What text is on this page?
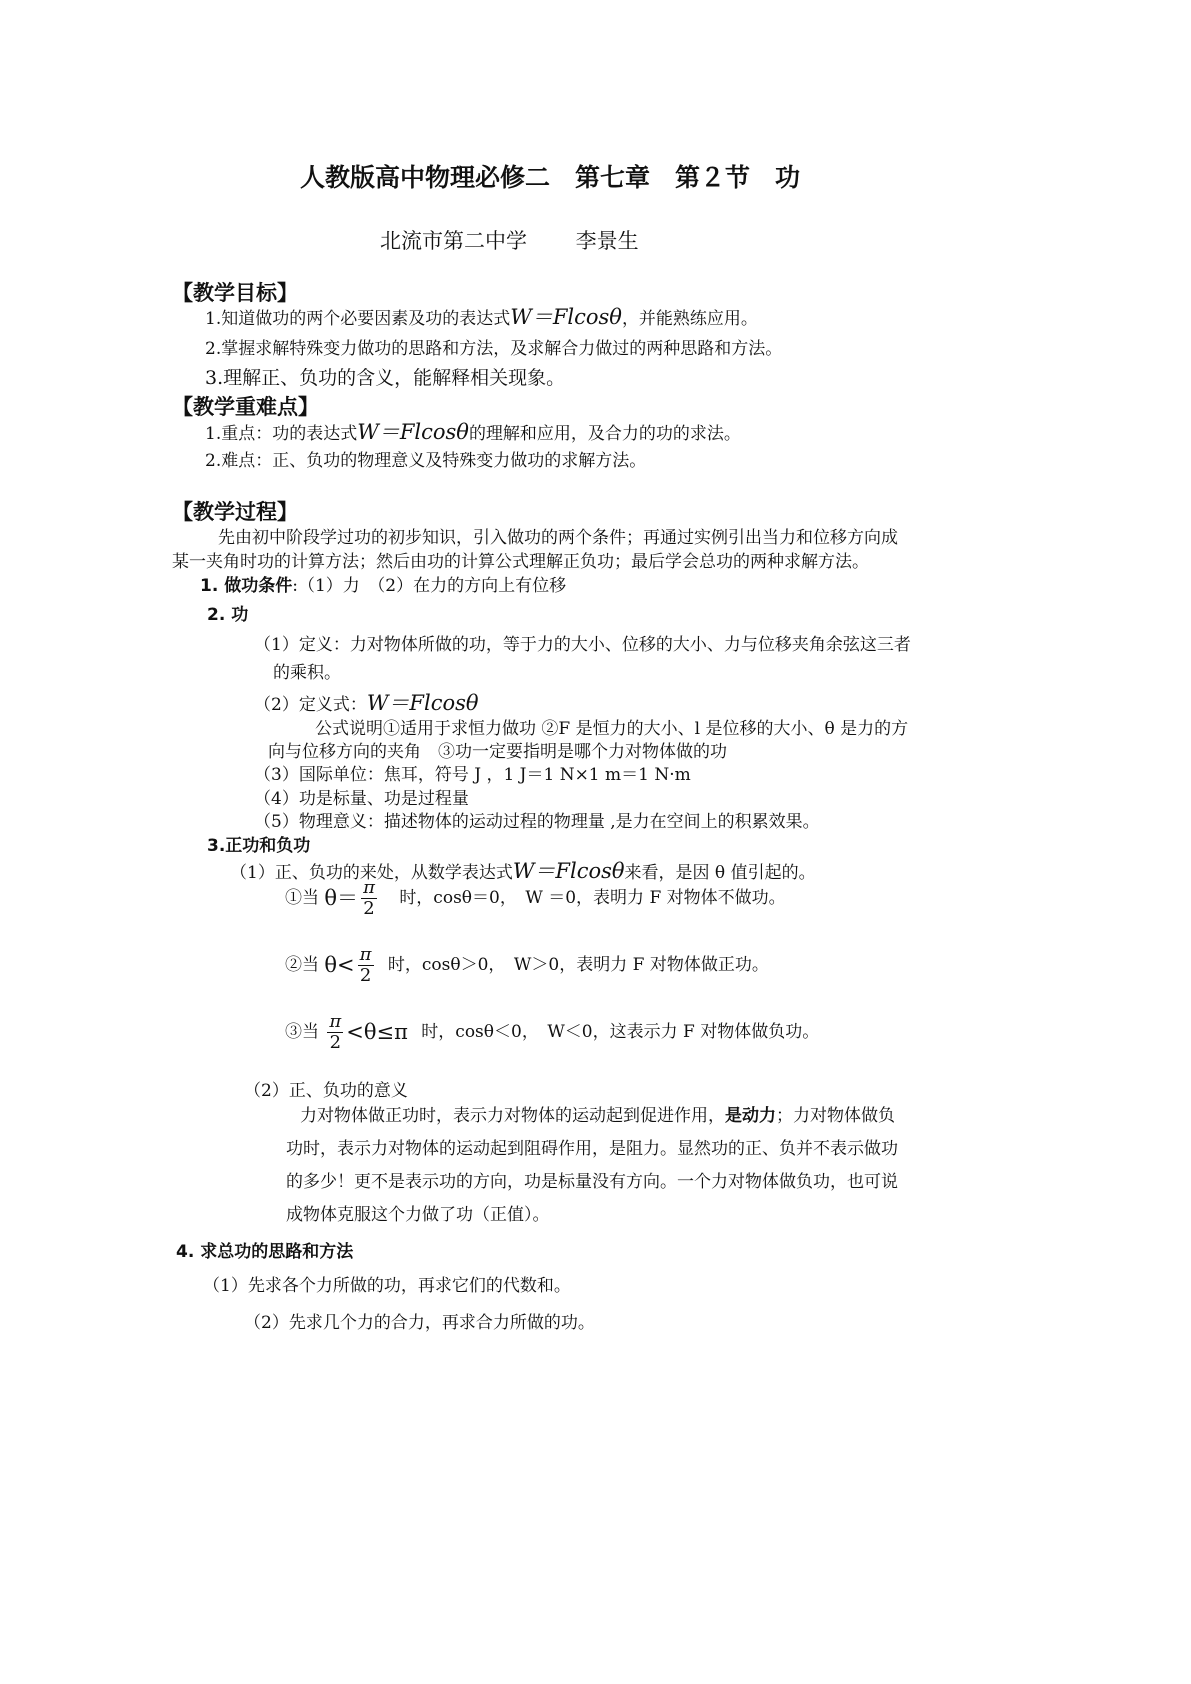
人教版高中物理必修二　第七章　第２节　功
北流市第二中学　　 李景生
【教学目标】
1.知道做功的两个必要因素及功的表达式W＝Flcosθ，并能熟练应用。
2.掌握求解特殊变力做功的思路和方法，及求解合力做过的两种思路和方法。
3.理解正、负功的含义，能解释相关现象。
【教学重难点】
1.重点：功的表达式W＝Flcosθ的理解和应用，及合力的功的求法。
2.难点：正、负功的物理意义及特殊变力做功的求解方法。
【教学过程】
先由初中阶段学过功的初步知识，引入做功的两个条件；再通过实例引出当力和位移方向成
某一夹角时功的计算方法；然后由功的计算公式理解正负功；最后学会总功的两种求解方法。
1. 做功条件:（1）力　（2）在力的方向上有位移
2. 功
（1）定义：力对物体所做的功，等于力的大小、位移的大小、力与位移夹角余弦这三者
的乘积。
（2）定义式：W＝Flcosθ
公式说明①适用于求恒力做功 ②F 是恒力的大小、l 是位移的大小、θ 是力的方
向与位移方向的夹角　③功一定要指明是哪个力对物体做的功
（3）国际单位：焦耳，符号 J ，1 J＝1 N×1 m＝1 N·m
（4）功是标量、功是过程量
（5）物理意义：描述物体的运动过程的物理量 ,是力在空间上的积累效果。
3.正功和负功
（1）正、负功的来处，从数学表达式W＝Flcosθ来看，是因 θ 值引起的。
①当 $\theta= \frac{\pi}{2}$ 时，cosθ＝0，　W ＝0，表明力 F 对物体不做功。
②当 $\theta< \frac{\pi}{2}$ 时，cosθ＞0，　W＞0，表明力 F 对物体做正功。
③当 $\frac{\pi}{2} <\theta\le\pi$ 时，cosθ＜0，　W＜0，这表示力 F 对物体做负功。
（2）正、负功的意义
力对物体做正功时，表示力对物体的运动起到促进作用，是动力；力对物体做负
功时，表示力对物体的运动起到阻碍作用，是阻力。显然功的正、负并不表示做功
的多少！更不是表示功的方向，功是标量没有方向。一个力对物体做负功，也可说
成物体克服这个力做了功（正值）。
4. 求总功的思路和方法
（1）先求各个力所做的功，再求它们的代数和。
（2）先求几个力的合力，再求合力所做的功。
